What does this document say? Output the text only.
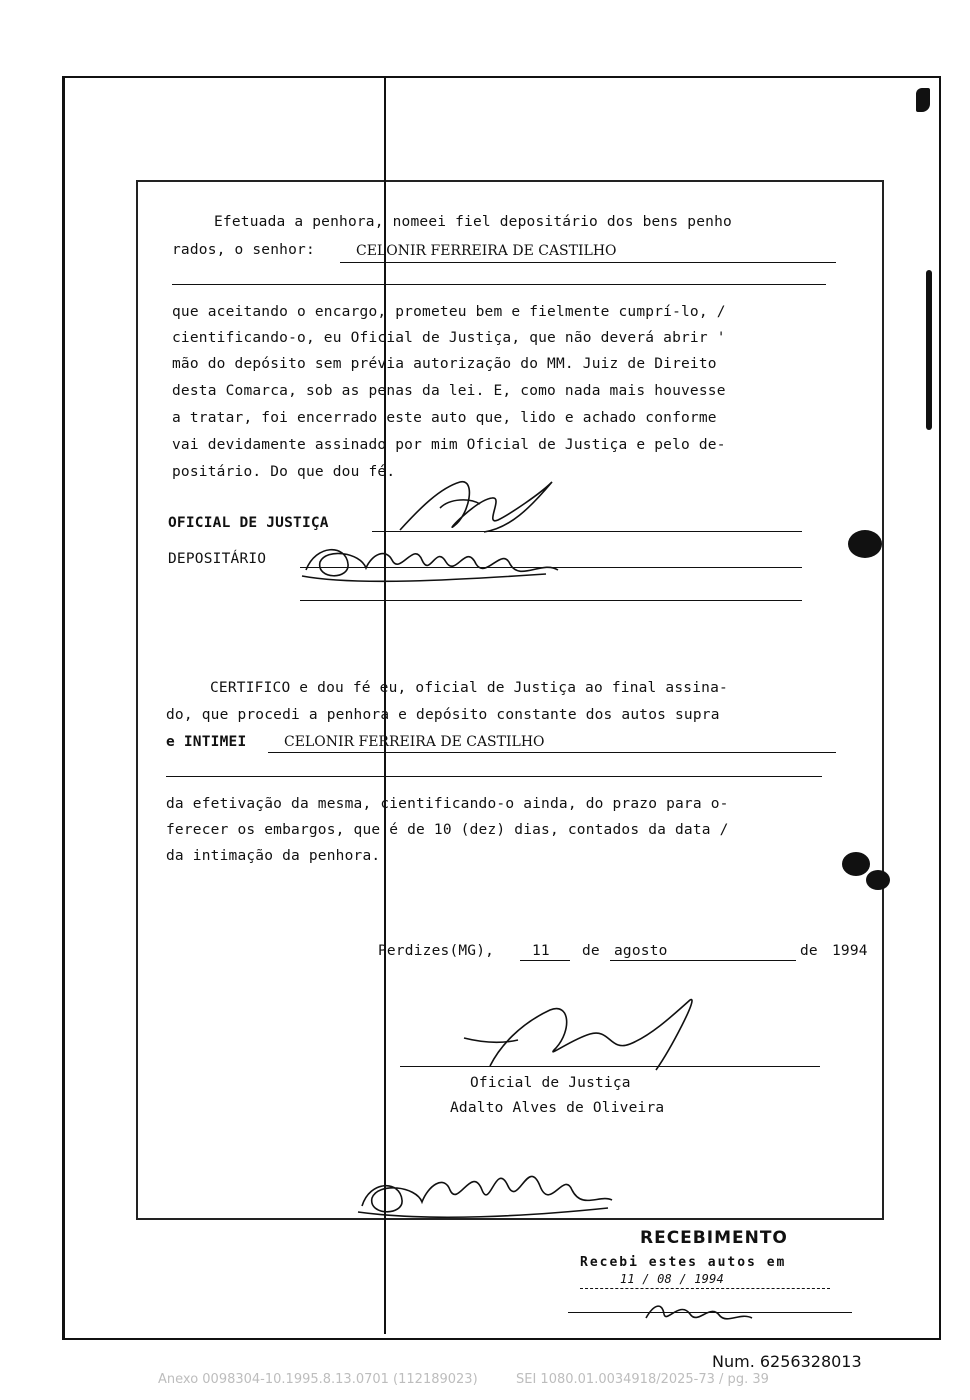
Efetuada a penhora, nomeei fiel depositário dos bens penho
rados, o senhor:	CELONIR FERREIRA DE CASTILHO
que aceitando o encargo, prometeu bem e fielmente cumprí-lo, /
cientificando-o, eu Oficial de Justiça, que não deverá abrir '
mão do depósito sem prévia autorização do MM. Juiz de Direito
desta Comarca, sob as penas da lei. E, como nada mais houvesse
a tratar, foi encerrado este auto que, lido e achado conforme
vai devidamente assinado por mim Oficial de Justiça e pelo de-
positário. Do que dou fé.
OFICIAL DE JUSTIÇA
DEPOSITÁRIO
CERTIFICO e dou fé eu, oficial de Justiça ao final assina-
do, que procedi a penhora e depósito constante dos autos supra
e INTIMEI	CELONIR FERREIRA DE CASTILHO
da efetivação da mesma, cientificando-o ainda, do prazo para o-
ferecer os embargos, que é de 10 (dez) dias, contados da data /
da intimação da penhora.
Perdizes(MG),	11 de agosto	de 1994
Oficial de Justiça
Adalto Alves de Oliveira
RECEBIMENTO
Recebi estes autos em
11 / 08 / 1994
Num. 6256328013
Anexo 0098304-10.1995.8.13.0701 (112189023)	SEI 1080.01.0034918/2025-73 / pg. 39
